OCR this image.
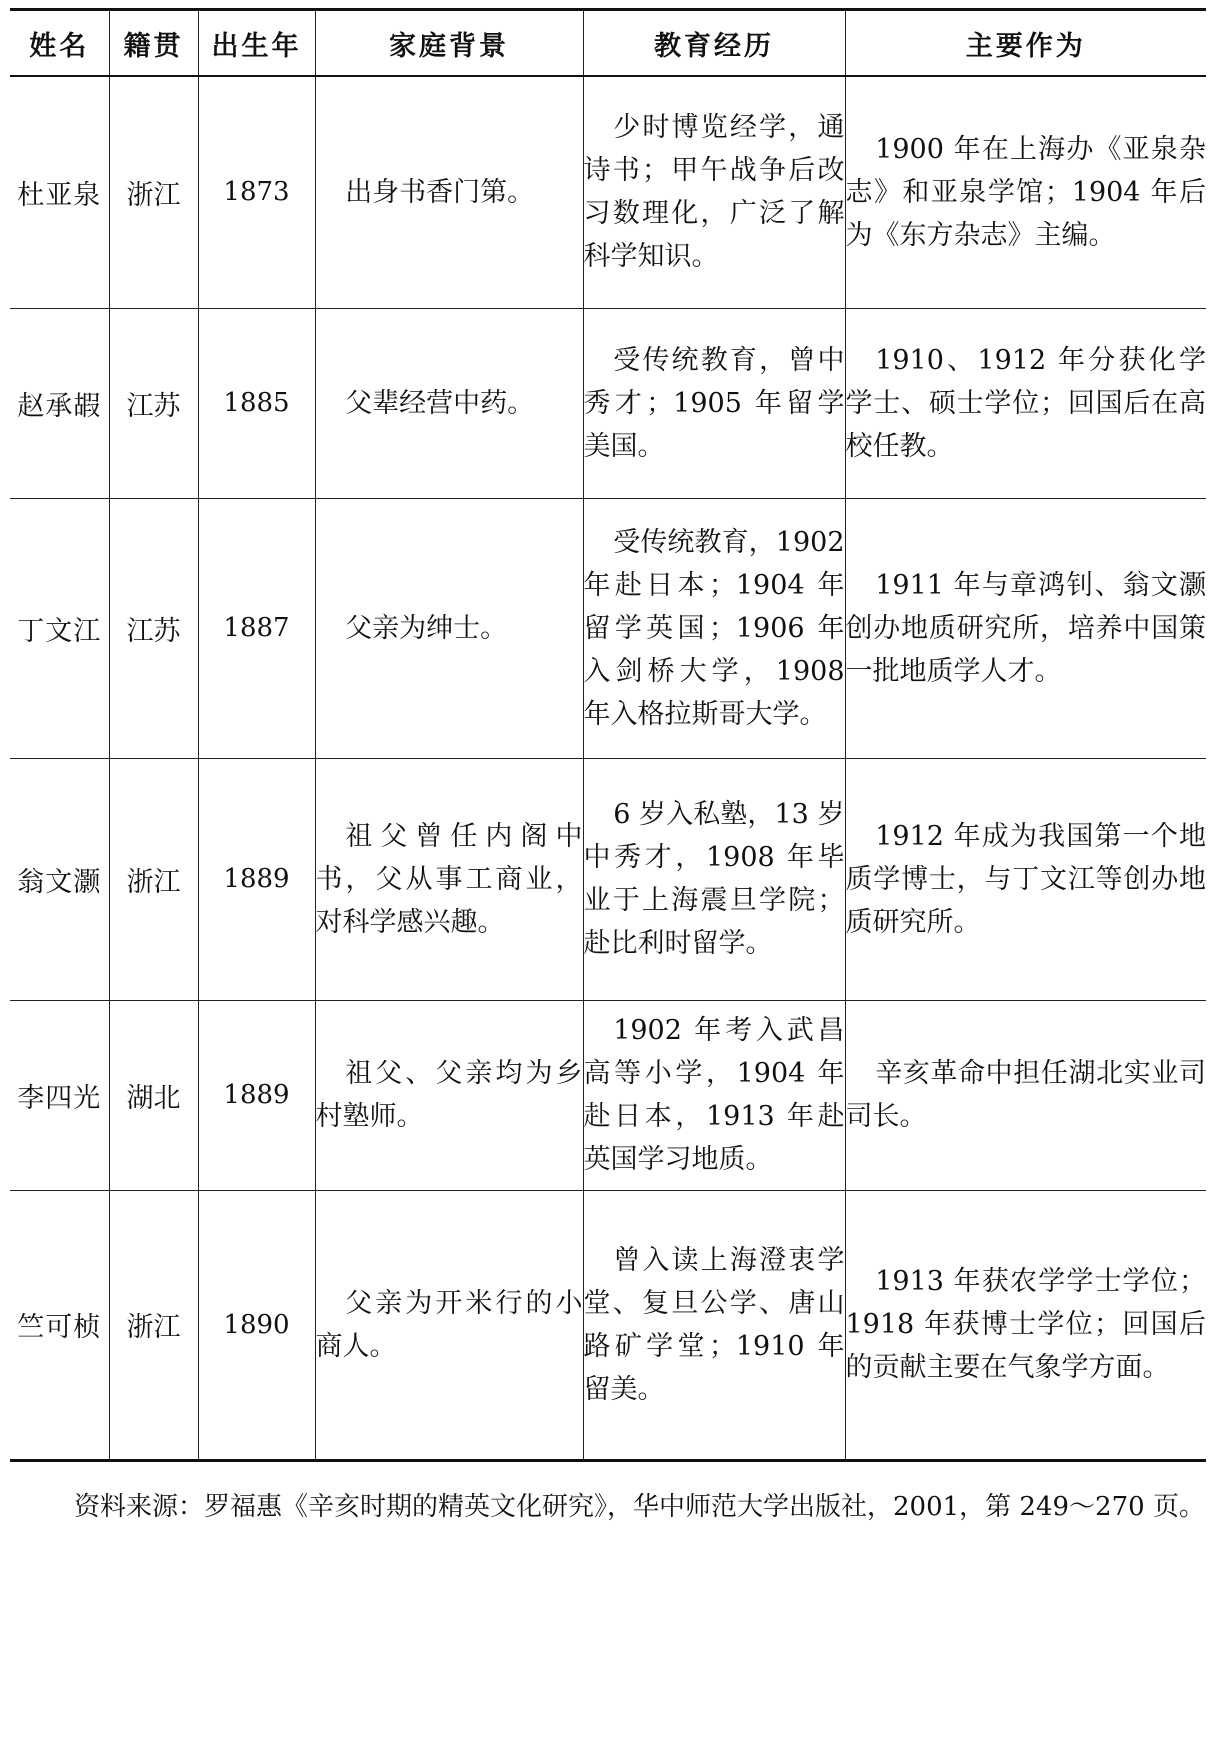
姓名	籍贯	出生年	家庭背景	教育经历	主要作为
杜亚泉	浙江	1873	出身书香门第。	少时博览经学，通诗书；甲午战争后改习数理化，广泛了解科学知识。	1900 年在上海办《亚泉杂志》和亚泉学馆；1904 年后为《东方杂志》主编。

赵承嘏	江苏	1885	父辈经营中药。	受传统教育，曾中秀才；1905 年留学美国。	1910、1912 年分获化学学士、硕士学位；回国后在高校任教。

丁文江	江苏	1887	父亲为绅士。	受传统教育，1902 年赴日本；1904 年留学英国；1906 年入剑桥大学，1908 年入格拉斯哥大学。	1911 年与章鸿钊、翁文灏创办地质研究所，培养中国策一批地质学人才。

翁文灏	浙江	1889	祖父曾任内阁中书，父从事工商业，对科学感兴趣。	6 岁入私塾，13 岁中秀才，1908 年毕业于上海震旦学院；赴比利时留学。	1912 年成为我国第一个地质学博士，与丁文江等创办地质研究所。

李四光	湖北	1889	祖父、父亲均为乡村塾师。	1902 年考入武昌高等小学，1904 年赴日本，1913 年赴英国学习地质。	辛亥革命中担任湖北实业司司长。

竺可桢	浙江	1890	父亲为开米行的小商人。	曾入读上海澄衷学堂、复旦公学、唐山路矿学堂；1910 年留美。	1913 年获农学学士学位；1918 年获博士学位；回国后的贡献主要在气象学方面。

资料来源：罗福惠《辛亥时期的精英文化研究》，华中师范大学出版社，2001，第 249～270 页。
